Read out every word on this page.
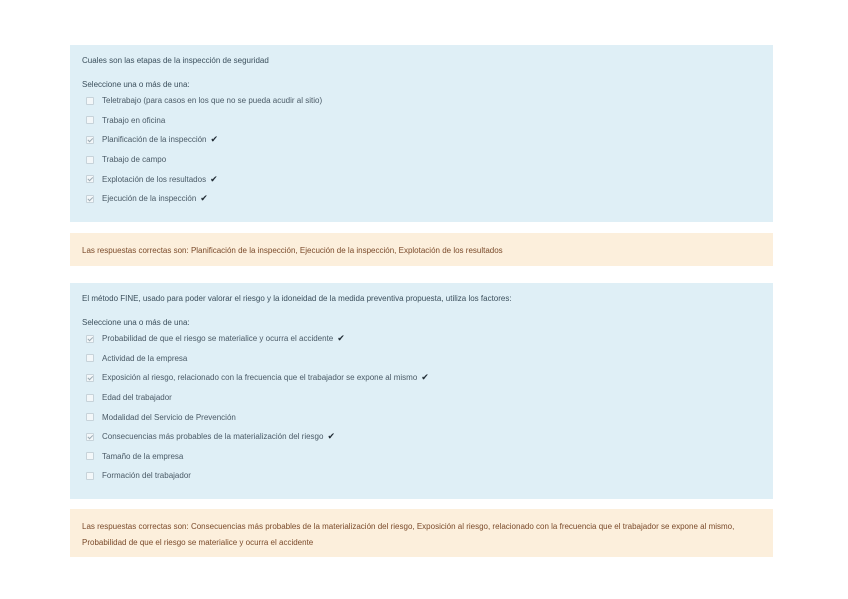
Cuales son las etapas de la inspección de seguridad
Seleccione una o más de una:
Teletrabajo (para casos en los que no se pueda acudir al sitio)
Trabajo en oficina
Planificación de la inspección ✔
Trabajo de campo
Explotación de los resultados ✔
Ejecución de la inspección ✔
Las respuestas correctas son: Planificación de la inspección, Ejecución de la inspección, Explotación de los resultados
El método FINE, usado para poder valorar el riesgo y la idoneidad de la medida preventiva propuesta, utiliza los factores:
Seleccione una o más de una:
Probabilidad de que el riesgo se materialice y ocurra el accidente ✔
Actividad de la empresa
Exposición al riesgo, relacionado con la frecuencia que el trabajador se expone al mismo ✔
Edad del trabajador
Modalidad del Servicio de Prevención
Consecuencias más probables de la materialización del riesgo ✔
Tamaño de la empresa
Formación del trabajador
Las respuestas correctas son: Consecuencias más probables de la materialización del riesgo, Exposición al riesgo, relacionado con la frecuencia que el trabajador se expone al mismo, Probabilidad de que el riesgo se materialice y ocurra el accidente
